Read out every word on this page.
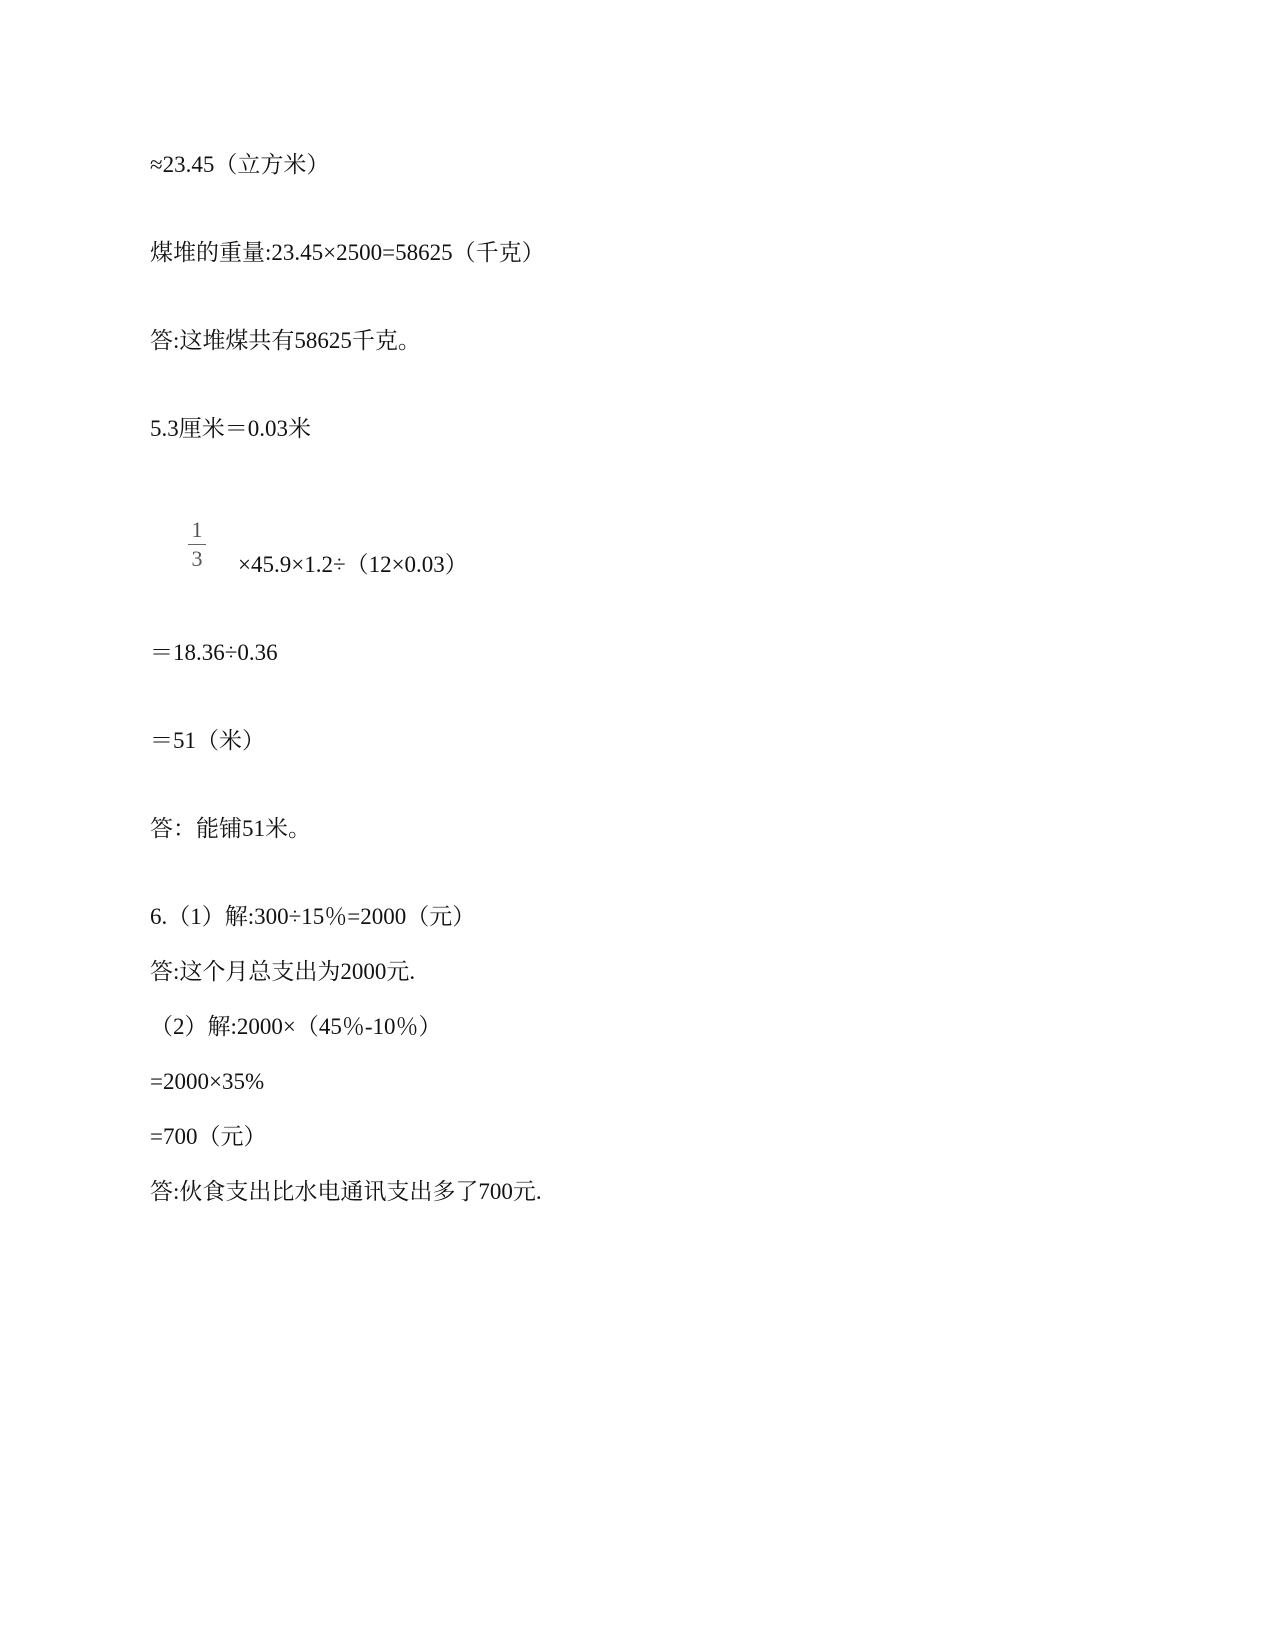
≈23.45（立方米）
煤堆的重量:23.45×2500=58625（千克）
答:这堆煤共有58625千克。
5.3厘米＝0.03米
1
3 ×45.9×1.2÷（12×0.03）
＝18.36÷0.36
＝51（米）
答：能铺51米。
6.（1）解:300÷15％=2000（元）
答:这个月总支出为2000元.
（2）解:2000×（45％-10％）
=2000×35%
=700（元）
答:伙食支出比水电通讯支出多了700元.
